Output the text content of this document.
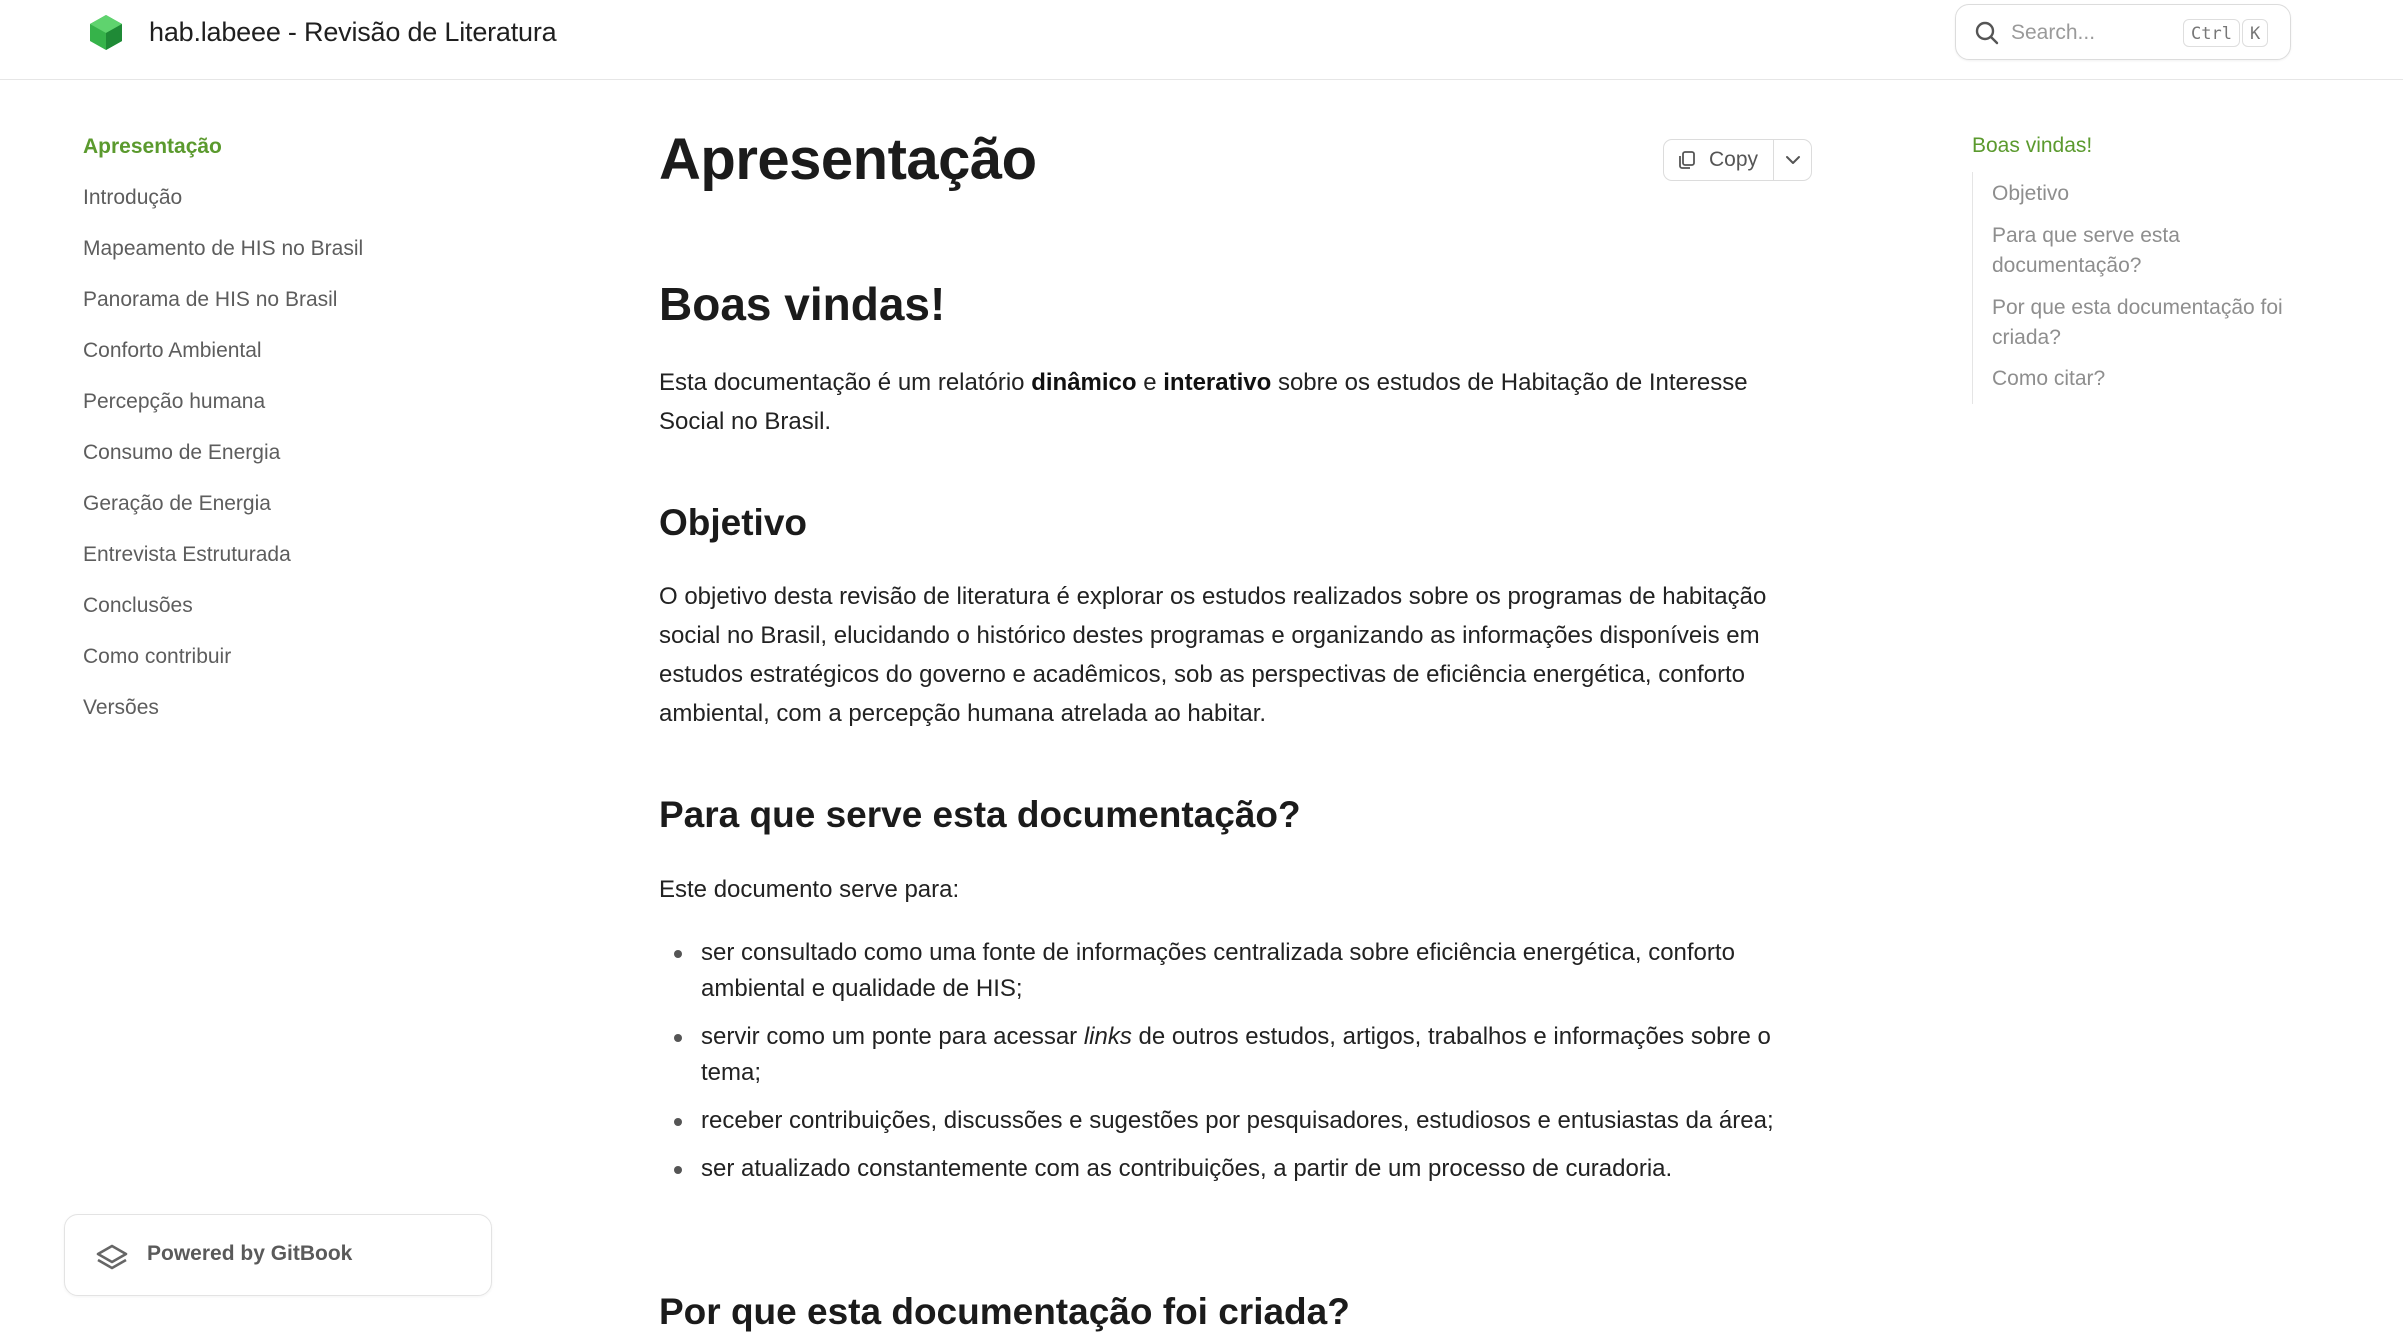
hab.labeee - Revisão de Literatura	Search...	Ctrl	K
Apresentação
Introdução
Mapeamento de HIS no Brasil
Panorama de HIS no Brasil
Conforto Ambiental
Percepção humana
Consumo de Energia
Geração de Energia
Entrevista Estruturada
Conclusões
Como contribuir
Versões
Powered by GitBook
Apresentação	Copy
Boas vindas!

Esta documentação é um relatório dinâmico e interativo sobre os estudos de Habitação de Interesse Social no Brasil.

Objetivo

O objetivo desta revisão de literatura é explorar os estudos realizados sobre os programas de habitação social no Brasil, elucidando o histórico destes programas e organizando as informações disponíveis em estudos estratégicos do governo e acadêmicos, sob as perspectivas de eficiência energética, conforto ambiental, com a percepção humana atrelada ao habitar.

Para que serve esta documentação?

Este documento serve para:

ser consultado como uma fonte de informações centralizada sobre eficiência energética, conforto ambiental e qualidade de HIS;
servir como um ponte para acessar links de outros estudos, artigos, trabalhos e informações sobre o tema;
receber contribuições, discussões e sugestões por pesquisadores, estudiosos e entusiastas da área;
ser atualizado constantemente com as contribuições, a partir de um processo de curadoria.
Por que esta documentação foi criada?
Boas vindas!
Objetivo
Para que serve esta documentação?
Por que esta documentação foi criada?
Como citar?
